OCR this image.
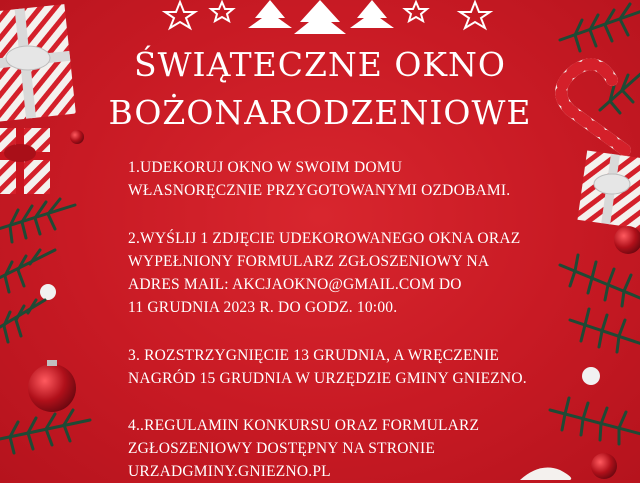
ŚWIĄTECZNE OKNO
BOŻONARODZENIOWE
1.UDEKORUJ OKNO W SWOIM DOMU
WŁASNORĘCZNIE PRZYGOTOWANYMI OZDOBAMI.
2.WYŚLIJ 1 ZDJĘCIE UDEKOROWANEGO OKNA ORAZ
WYPEŁNIONY FORMULARZ ZGŁOSZENIOWY NA
ADRES MAIL: AKCJAOKNO@GMAIL.COM DO
11 GRUDNIA 2023 R. DO GODZ. 10:00.
3. ROZSTRZYGNIĘCIE 13 GRUDNIA, A WRĘCZENIE
NAGRÓD 15 GRUDNIA W URZĘDZIE GMINY GNIEZNO.
4..REGULAMIN KONKURSU ORAZ FORMULARZ
ZGŁOSZENIOWY DOSTĘPNY NA STRONIE
URZADGMINY.GNIEZNO.PL
